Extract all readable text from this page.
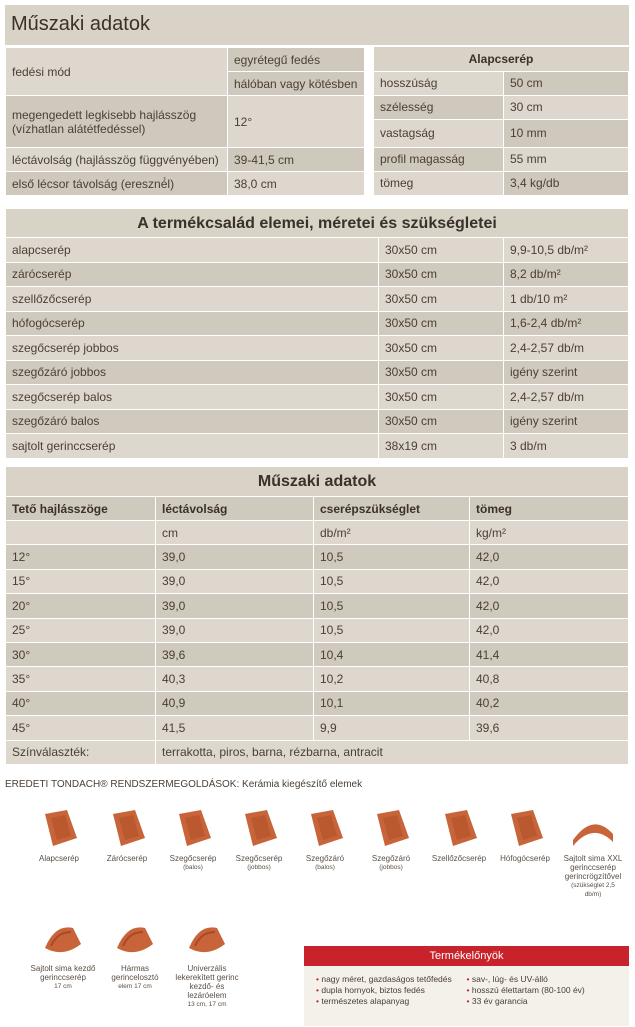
Műszaki adatok
fedési mód	egyrétegű fedés
	hálóban vagy kötésben
megengedett legkisebb hajlásszög (vízhatlan alátétfedéssel)	12°
léctávolság (hajlásszög függvényében)	39-41,5 cm
első lécsor távolság (ereszné́l)	38,0 cm
Alapcserép	
hosszúság	50 cm
szélesség	30 cm
vastagság	10 mm
profil magasság	55 mm
tömeg	3,4 kg/db
A termékcsalád elemei, méretei és szükségletei
alapcserép	30x50 cm	9,9-10,5 db/m²
zárócserép	30x50 cm	8,2 db/m²
szellőzőcserép	30x50 cm	1 db/10 m²
hófogócserép	30x50 cm	1,6-2,4 db/m²
szegőcserép jobbos	30x50 cm	2,4-2,57 db/m
szegőzáró jobbos	30x50 cm	igény szerint
szegőcserép balos	30x50 cm	2,4-2,57 db/m
szegőzáró balos	30x50 cm	igény szerint
sajtolt gerinccserép	38x19 cm	3 db/m
Műszaki adatok			
Tető hajlásszöge	léctávolság	cserépszükséglet	tömeg
	cm	db/m²	kg/m²
12°	39,0	10,5	42,0
15°	39,0	10,5	42,0
20°	39,0	10,5	42,0
25°	39,0	10,5	42,0
30°	39,6	10,4	41,4
35°	40,3	10,2	40,8
40°	40,9	10,1	40,2
45°	41,5	9,9	39,6
Színválaszték:	terrakotta, piros, barna, rézbarna, antracit		
EREDETI TONDACH® RENDSZERMEGOLDÁSOK: Kerámia kiegészítő elemek
Alapcserép	Zárócserép	Szegőcserép
(balos)
Szegőcserép
(jobbos)
Szegőzáró
(balos)
Szegőzáró
(jobbos)
Szellőzőcserép	Hófogócserép	Sajtolt sima XXL gerinccserép gerincrögzítővel
(szükséglet 2,5 db/m)
Sajtolt sima kezdő gerinccserép
17 cm
Hármas gerincelosztó
elem 17 cm
Univerzális lekerekített gerinc kezdő- és lezáróelem
13 cm, 17 cm
Termékelőnyök
• nagy méret, gazdaságos tetőfedés
• dupla hornyok, biztos fedés
• természetes alapanyag
• sav-, lúg- és UV-álló
• hosszú élettartam (80-100 év)
• 33 év garancia
